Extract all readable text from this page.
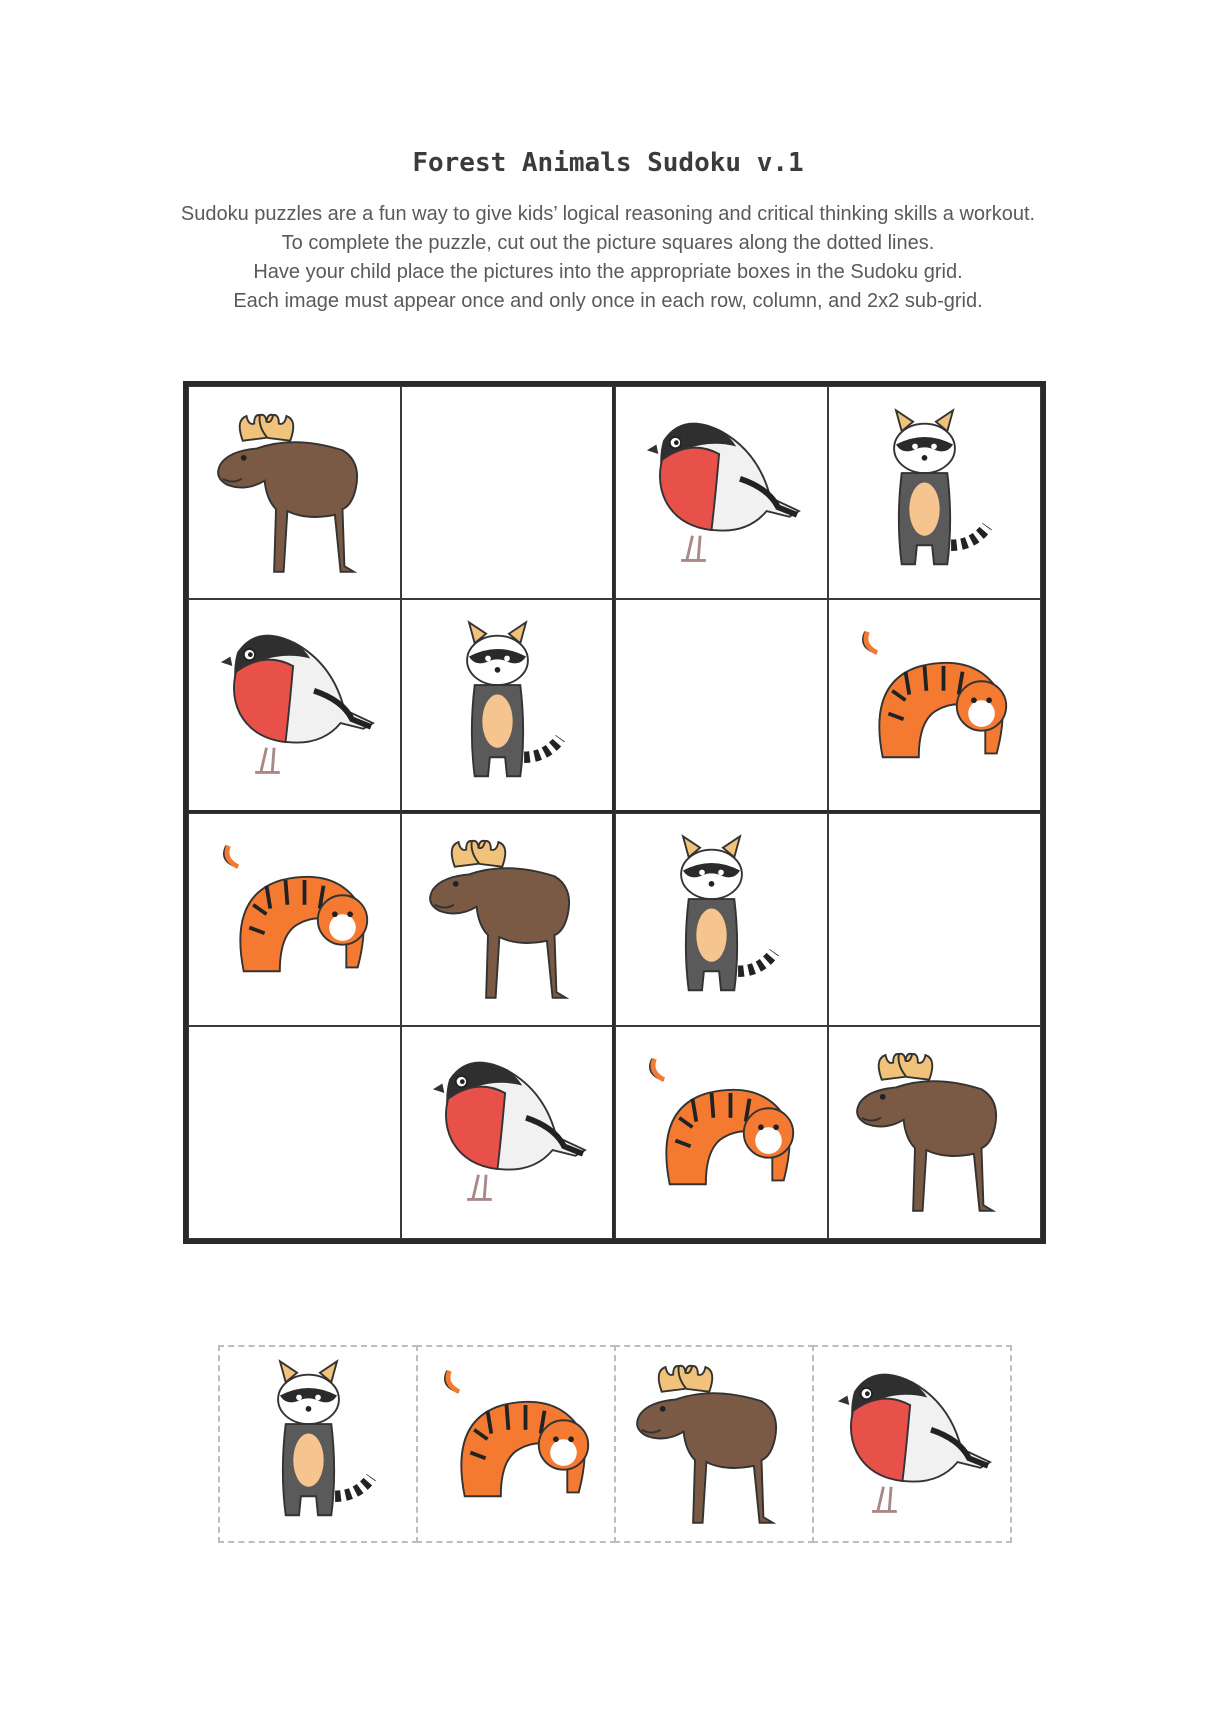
Forest Animals Sudoku v.1
Sudoku puzzles are a fun way to give kids’ logical reasoning and critical thinking skills a workout.
To complete the puzzle, cut out the picture squares along the dotted lines.
Have your child place the pictures into the appropriate boxes in the Sudoku grid.
Each image must appear once and only once in each row, column, and 2x2 sub-grid.
